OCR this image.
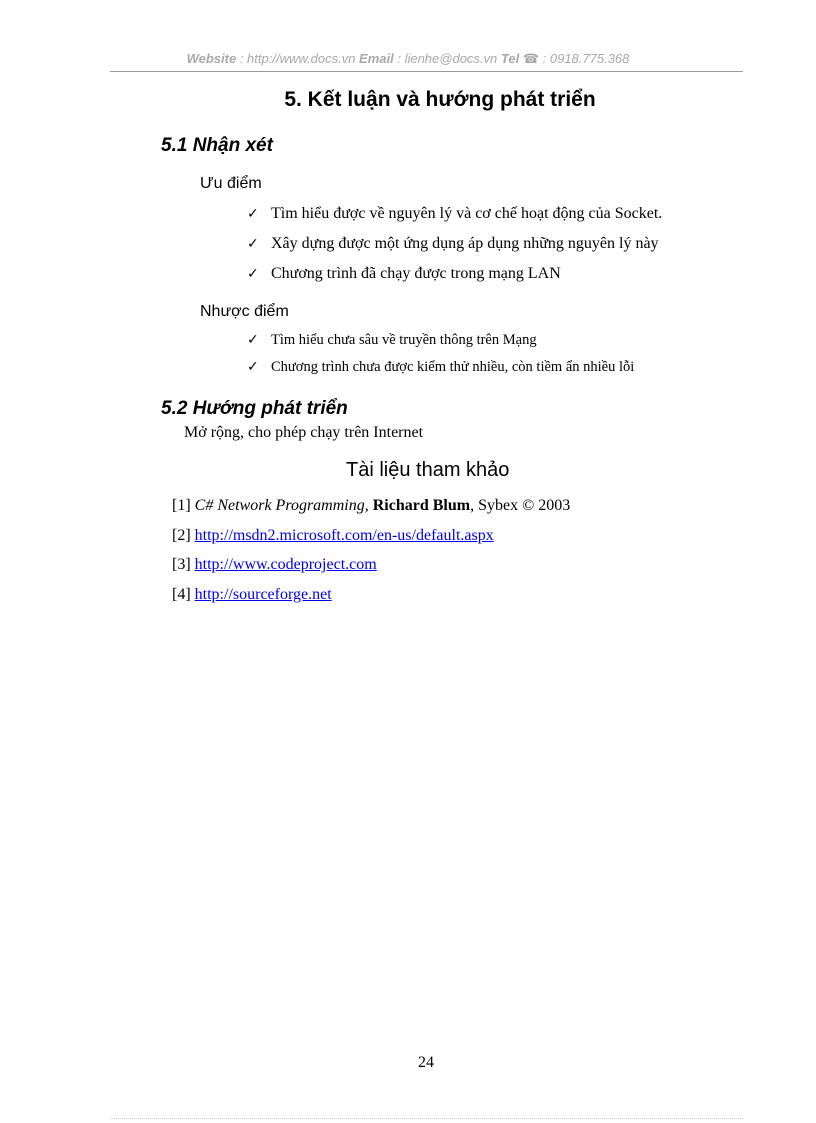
Website : http://www.docs.vn Email : lienhe@docs.vn Tel ☎ : 0918.775.368
5. Kết luận và hướng phát triển
5.1 Nhận xét
Ưu điểm
✓ Tìm hiểu được về nguyên lý và cơ chế hoạt động của Socket.
✓ Xây dựng được một ứng dụng áp dụng những nguyên lý này
✓ Chương trình đã chạy được trong mạng LAN
Nhược điểm
✓ Tìm hiểu chưa sâu về truyền thông trên Mạng
✓ Chương trình chưa được kiểm thử nhiều, còn tiềm ẩn nhiều lỗi
5.2 Hướng phát triển
Mở rộng, cho phép chạy trên Internet
Tài liệu tham khảo
[1] C# Network Programming, Richard Blum, Sybex © 2003
[2] http://msdn2.microsoft.com/en-us/default.aspx
[3] http://www.codeproject.com
[4] http://sourceforge.net
24
